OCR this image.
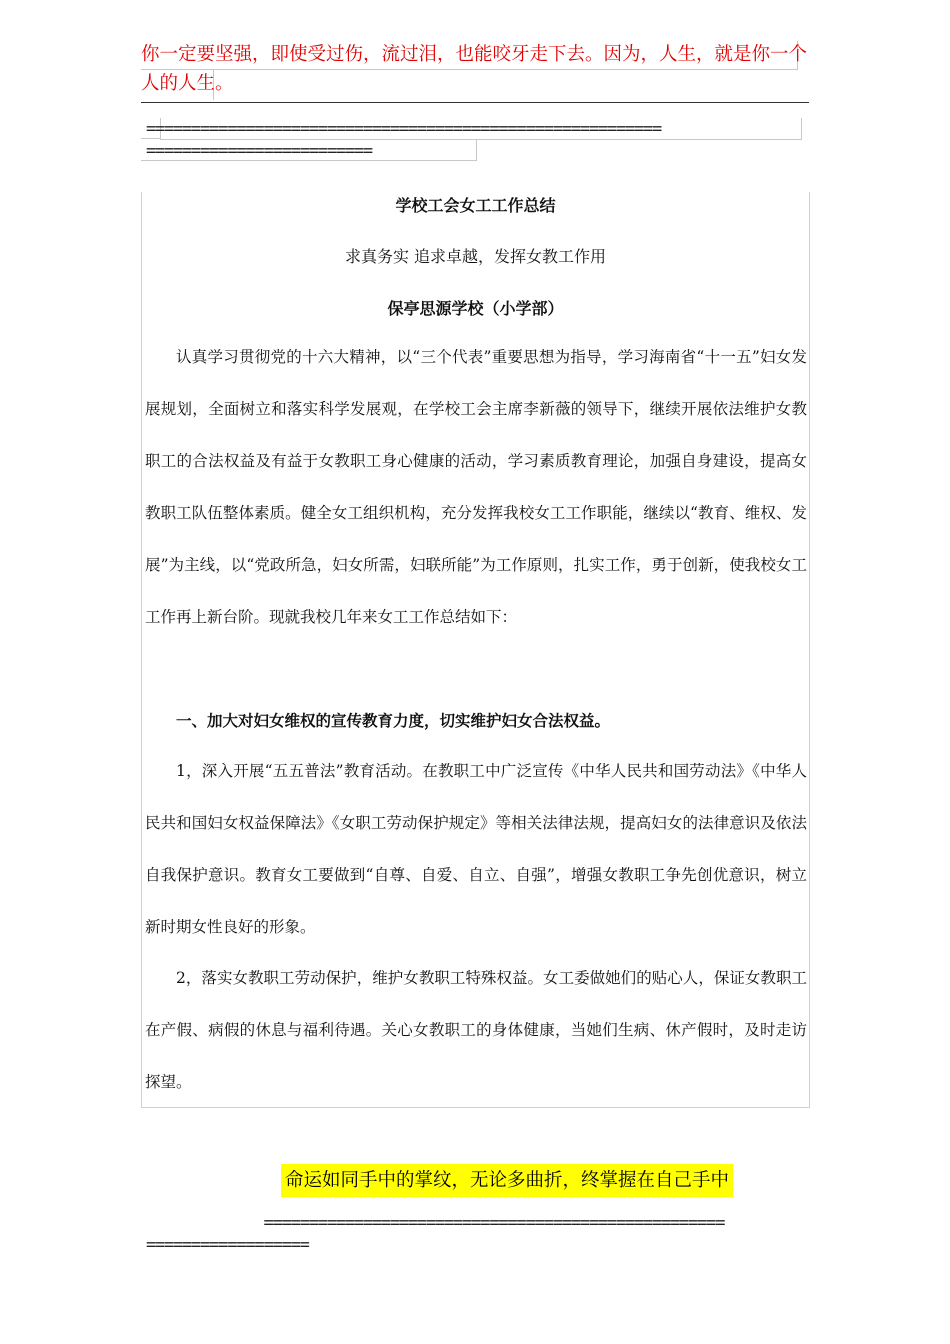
你一定要坚强，即使受过伤，流过泪，也能咬牙走下去。因为，人生，就是你一个人的人生。

=========================================================
=========================
学校工会女工工作总结

求真务实 追求卓越，发挥女教工作用

保亭思源学校（小学部）

认真学习贯彻党的十六大精神，以“三个代表”重要思想为指导，学习海南省“十一五”妇女发展规划，全面树立和落实科学发展观，在学校工会主席李新薇的领导下，继续开展依法维护女教职工的合法权益及有益于女教职工身心健康的活动，学习素质教育理论，加强自身建设，提高女教职工队伍整体素质。健全女工组织机构，充分发挥我校女工工作职能，继续以“教育、维权、发展”为主线，以“党政所急，妇女所需，妇联所能”为工作原则，扎实工作，勇于创新，使我校女工工作再上新台阶。现就我校几年来女工工作总结如下：

一、加大对妇女维权的宣传教育力度，切实维护妇女合法权益。

1，深入开展“五五普法”教育活动。在教职工中广泛宣传《中华人民共和国劳动法》《中华人民共和国妇女权益保障法》《女职工劳动保护规定》等相关法律法规，提高妇女的法律意识及依法自我保护意识。教育女工要做到“自尊、自爱、自立、自强”，增强女教职工争先创优意识，树立新时期女性良好的形象。

2，落实女教职工劳动保护，维护女教职工特殊权益。女工委做她们的贴心人，保证女教职工在产假、病假的休息与福利待遇。关心女教职工的身体健康，当她们生病、休产假时，及时走访探望。

命运如同手中的掌纹，无论多曲折，终掌握在自己手中
===================================================
==================
